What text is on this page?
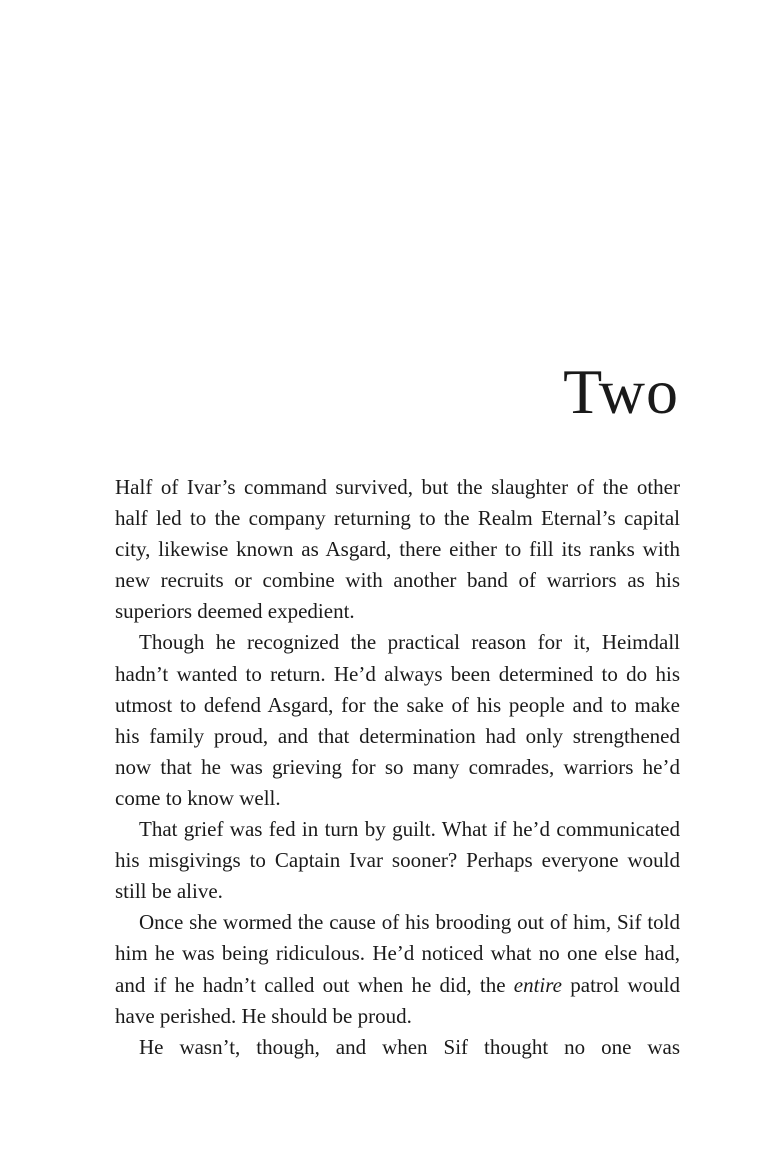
Two

Half of Ivar’s command survived, but the slaughter of the other half led to the company returning to the Realm Eternal’s capital city, likewise known as Asgard, there either to fill its ranks with new recruits or combine with another band of warriors as his superiors deemed expedient.

Though he recognized the practical reason for it, Heimdall hadn’t wanted to return. He’d always been determined to do his utmost to defend Asgard, for the sake of his people and to make his family proud, and that determination had only strengthened now that he was grieving for so many comrades, warriors he’d come to know well.

That grief was fed in turn by guilt. What if he’d communicated his misgivings to Captain Ivar sooner? Perhaps everyone would still be alive.

Once she wormed the cause of his brooding out of him, Sif told him he was being ridiculous. He’d noticed what no one else had, and if he hadn’t called out when he did, the entire patrol would have perished. He should be proud.

He wasn’t, though, and when Sif thought no one was
